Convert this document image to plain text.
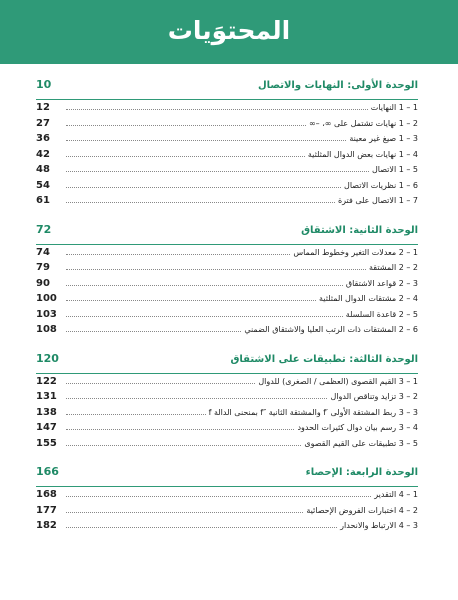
المحتوَيات
10	الوحدة الأولى: النهايات والاتصال
12	1 – 1 النهايات
27	2 – 1 نهايات تشتمل على ∞، –∞
36	3 – 1 صيغ غير معينة
42	4 – 1 نهايات بعض الدوال المثلثية
48	5 – 1 الاتصال
54	6 – 1 نظريات الاتصال
61	7 – 1 الاتصال على فترة
72	الوحدة الثانية: الاشتقاق
74	1 – 2 معدلات التغير وخطوط المماس
79	2 – 2 المشتقة
90	3 – 2 قواعد الاشتقاق
100	4 – 2 مشتقات الدوال المثلثية
103	5 – 2 قاعدة السلسلة
108	6 – 2 المشتقات ذات الرتب العليا والاشتقاق الضمني
120	الوحدة الثالثة: تطبيقات على الاشتقاق
122	1 – 3 القيم القصوى (العظمى / الصغرى) للدوال
131	2 – 3 تزايد وتناقص الدوال
138	3 – 3 ربط المشتقة الأولى ′f والمشتقة الثانية ″f بمنحنى الدالة f
147	4 – 3 رسم بيان دوال كثيرات الحدود
155	5 – 3 تطبيقات على القيم القصوى
166	الوحدة الرابعة: الإحصاء
168	1 – 4 التقدير
177	2 – 4 اختبارات الفروض الإحصائية
182	3 – 4 الارتباط والانحدار
